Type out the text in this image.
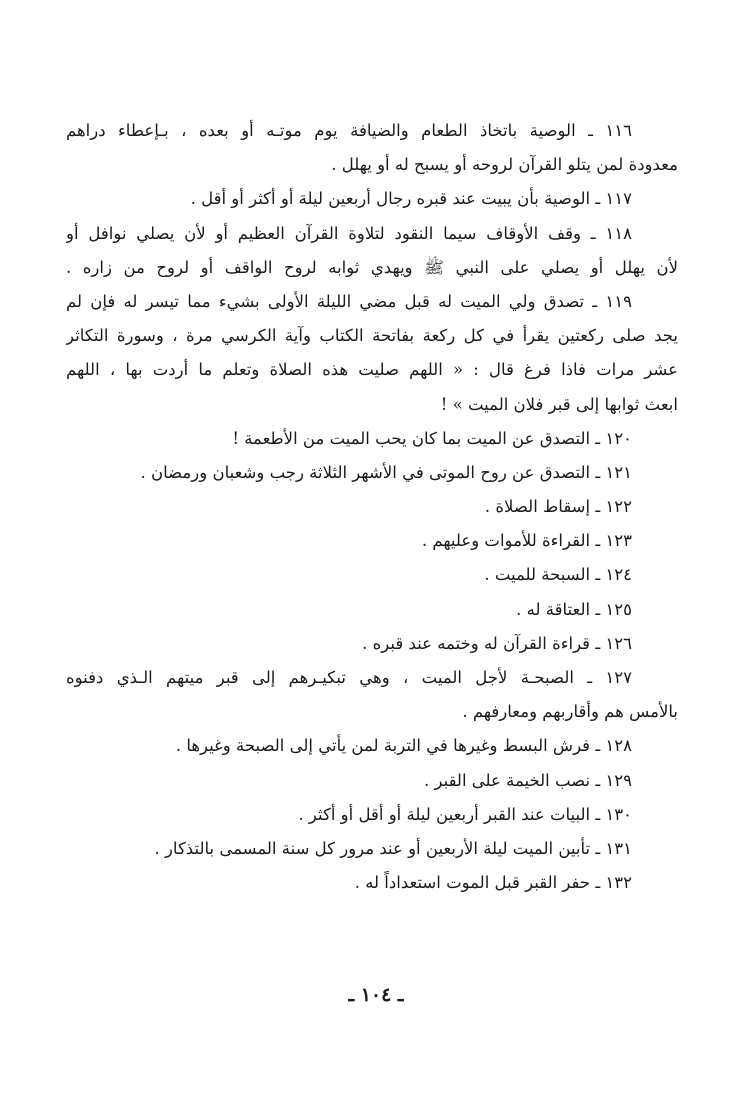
١١٦ ـ الوصية باتخاذ الطعام والضيافة يوم موتـه أو بعده ، بـإعطاء دراهم
معدودة لمن يتلو القرآن لروحه أو يسبح له أو يهلل .
١١٧ ـ الوصية بأن يبيت عند قبره رجال أربعين ليلة أو أكثر أو أقل .
١١٨ ـ وقف الأوقاف سيما النقود لتلاوة القرآن العظيم أو لأن يصلي نوافل أو
لأن يهلل أو يصلي على النبي ﷺ ويهدي ثوابه لروح الواقف أو لروح من زاره .
١١٩ ـ تصدق ولي الميت له قبل مضي الليلة الأولى بشيء مما تيسر له فإن لم
يجد صلى ركعتين يقرأ في كل ركعة بفاتحة الكتاب وآية الكرسي مرة ، وسورة التكاثر
عشر مرات فاذا فرغ قال : « اللهم صليت هذه الصلاة وتعلم ما أردت بها ، اللهم
ابعث ثوابها إلى قبر فلان الميت » !
١٢٠ ـ التصدق عن الميت بما كان يحب الميت من الأطعمة !
١٢١ ـ التصدق عن روح الموتى في الأشهر الثلاثة رجب وشعبان ورمضان .
١٢٢ ـ إسقاط الصلاة .
١٢٣ ـ القراءة للأموات وعليهم .
١٢٤ ـ السبحة للميت .
١٢٥ ـ العتاقة له .
١٢٦ ـ قراءة القرآن له وختمه عند قبره .
١٢٧ ـ الصبحـة لأجل الميت ، وهي تبكيـرهم إلى قبر ميتهم الـذي دفنوه
بالأمس هم وأقاربهم ومعارفهم .
١٢٨ ـ فرش البسط وغيرها في التربة لمن يأتي إلى الصبحة وغيرها .
١٢٩ ـ نصب الخيمة على القبر .
١٣٠ ـ البيات عند القبر أربعين ليلة أو أقل أو أكثر .
١٣١ ـ تأبين الميت ليلة الأربعين أو عند مرور كل سنة المسمى بالتذكار .
١٣٢ ـ حفر القبر قبل الموت استعداداً له .
ـ ١٠٤ ـ
